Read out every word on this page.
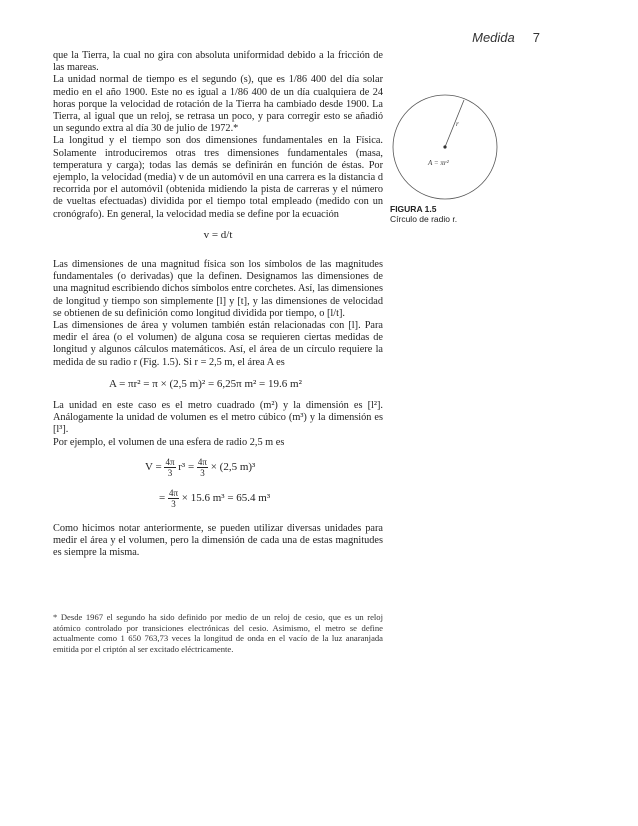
Medida 7

que la Tierra, la cual no gira con absoluta uniformidad debido a la fricción de las mareas.

La unidad normal de tiempo es el segundo (s), que es 1/86 400 del día solar medio en el año 1900. Este no es igual a 1/86 400 de un día cualquiera de 24 horas porque la velocidad de rotación de la Tierra ha cambiado desde 1900. La Tierra, al igual que un reloj, se retrasa un poco, y para corregir esto se añadió un segundo extra al día 30 de julio de 1972.*

La longitud y el tiempo son dos dimensiones fundamentales en la Física. Solamente introduciremos otras tres dimensiones fundamentales (masa, temperatura y carga); todas las demás se definirán en función de éstas. Por ejemplo, la velocidad (media) v de un automóvil en una carrera es la distancia d recorrida por el automóvil (obtenida midiendo la pista de carreras y el número de vueltas efectuadas) dividida por el tiempo total empleado (medido con un cronógrafo). En general, la velocidad media se define por la ecuación

v = d/t

Las dimensiones de una magnitud física son los símbolos de las magnitudes fundamentales (o derivadas) que la definen. Designamos las dimensiones de una magnitud escribiendo dichos símbolos entre corchetes. Así, las dimensiones de longitud y tiempo son simplemente [l] y [t], y las dimensiones de velocidad se obtienen de su definición como longitud dividida por tiempo, o [l/t].

Las dimensiones de área y volumen también están relacionadas con [l]. Para medir el área (o el volumen) de alguna cosa se requieren ciertas medidas de longitud y algunos cálculos matemáticos. Así, el área de un círculo requiere la medida de su radio r (Fig. 1.5). Si r = 2,5 m, el área A es

A = πr² = π × (2,5 m)² = 6,25π m² = 19.6 m²

La unidad en este caso es el metro cuadrado (m²) y la dimensión es [l²]. Análogamente la unidad de volumen es el metro cúbico (m³) y la dimensión es [l³].

Por ejemplo, el volumen de una esfera de radio 2,5 m es

$V = \frac{4\pi}{3} r^3 = \frac{4\pi}{3} \times (2,5$ m)³
= $\frac{4\pi}{3} \times 15.6$ m³ = 65.4 m³

Como hicimos notar anteriormente, se pueden utilizar diversas unidades para medir el área y el volumen, pero la dimensión de cada una de estas magnitudes es siempre la misma.

r
A = πr²
FIGURA 1.5
Círculo de radio r.
* Desde 1967 el segundo ha sido definido por medio de un reloj de cesio, que es un reloj atómico controlado por transiciones electrónicas del cesio. Asimismo, el metro se define actualmente como 1 650 763,73 veces la longitud de onda en el vacío de la luz anaranjada emitida por el criptón al ser excitado eléctricamente.
